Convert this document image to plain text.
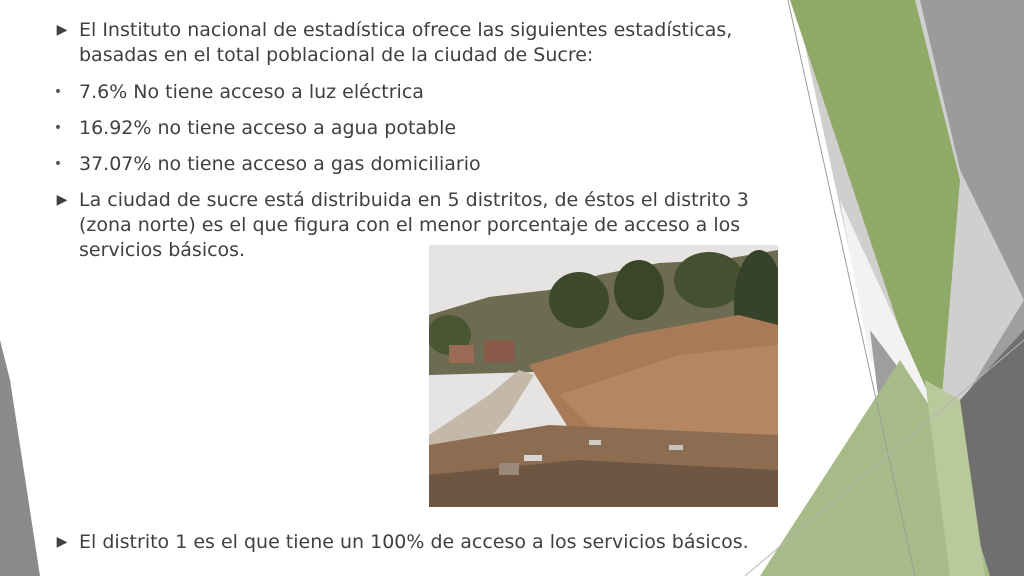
▶ El Instituto nacional de estadística ofrece las siguientes estadísticas,
basadas en el total poblacional de la ciudad de Sucre:
• 7.6% No tiene acceso a luz eléctrica
• 16.92% no tiene acceso a agua potable
• 37.07% no tiene acceso a gas domiciliario
▶ La ciudad de sucre está distribuida en 5 distritos, de éstos el distrito 3
(zona norte) es el que figura con el menor porcentaje de acceso a los
servicios básicos.
▶ El distrito 1 es el que tiene un 100% de acceso a los servicios básicos.
